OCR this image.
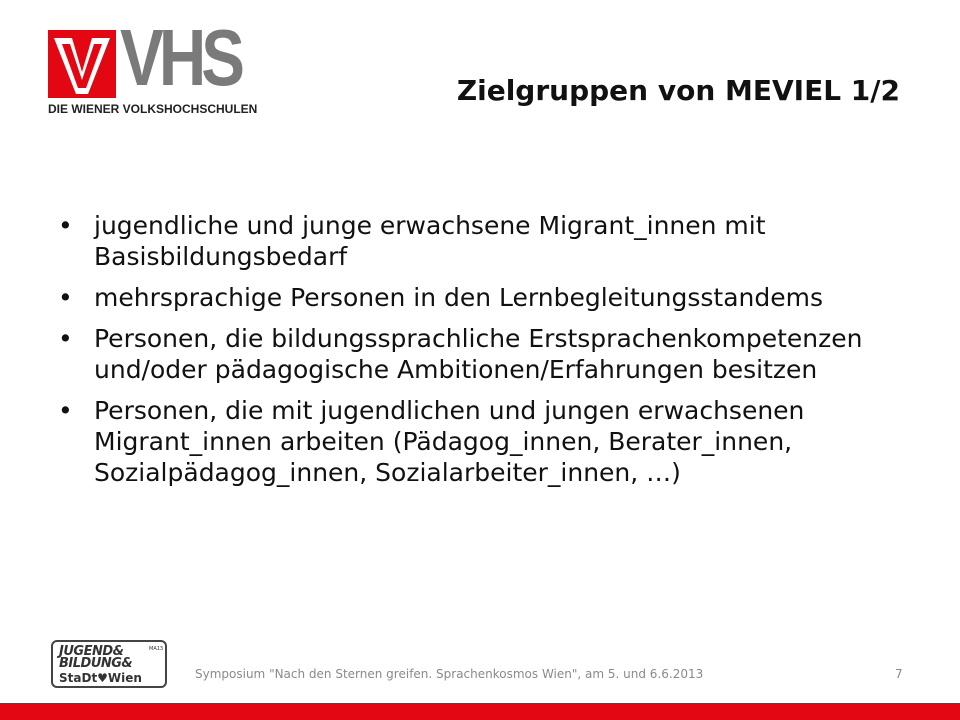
VHS
DIE WIENER VOLKSHOCHSCHULEN
Zielgruppen von MEVIEL 1/2
• jugendliche und junge erwachsene Migrant_innen mit Basisbildungsbedarf
• mehrsprachige Personen in den Lernbegleitungsstandems
• Personen, die bildungssprachliche Erstsprachenkompetenzen und/oder pädagogische Ambitionen/Erfahrungen besitzen
• Personen, die mit jugendlichen und jungen erwachsenen Migrant_innen arbeiten (Pädagog_innen, Berater_innen, Sozialpädagog_innen, Sozialarbeiter_innen, …)
JUGEND&	MA13
BILDUNG&
StaDt♥Wien	Symposium "Nach den Sternen greifen. Sprachenkosmos Wien", am 5. und 6.6.2013	7
